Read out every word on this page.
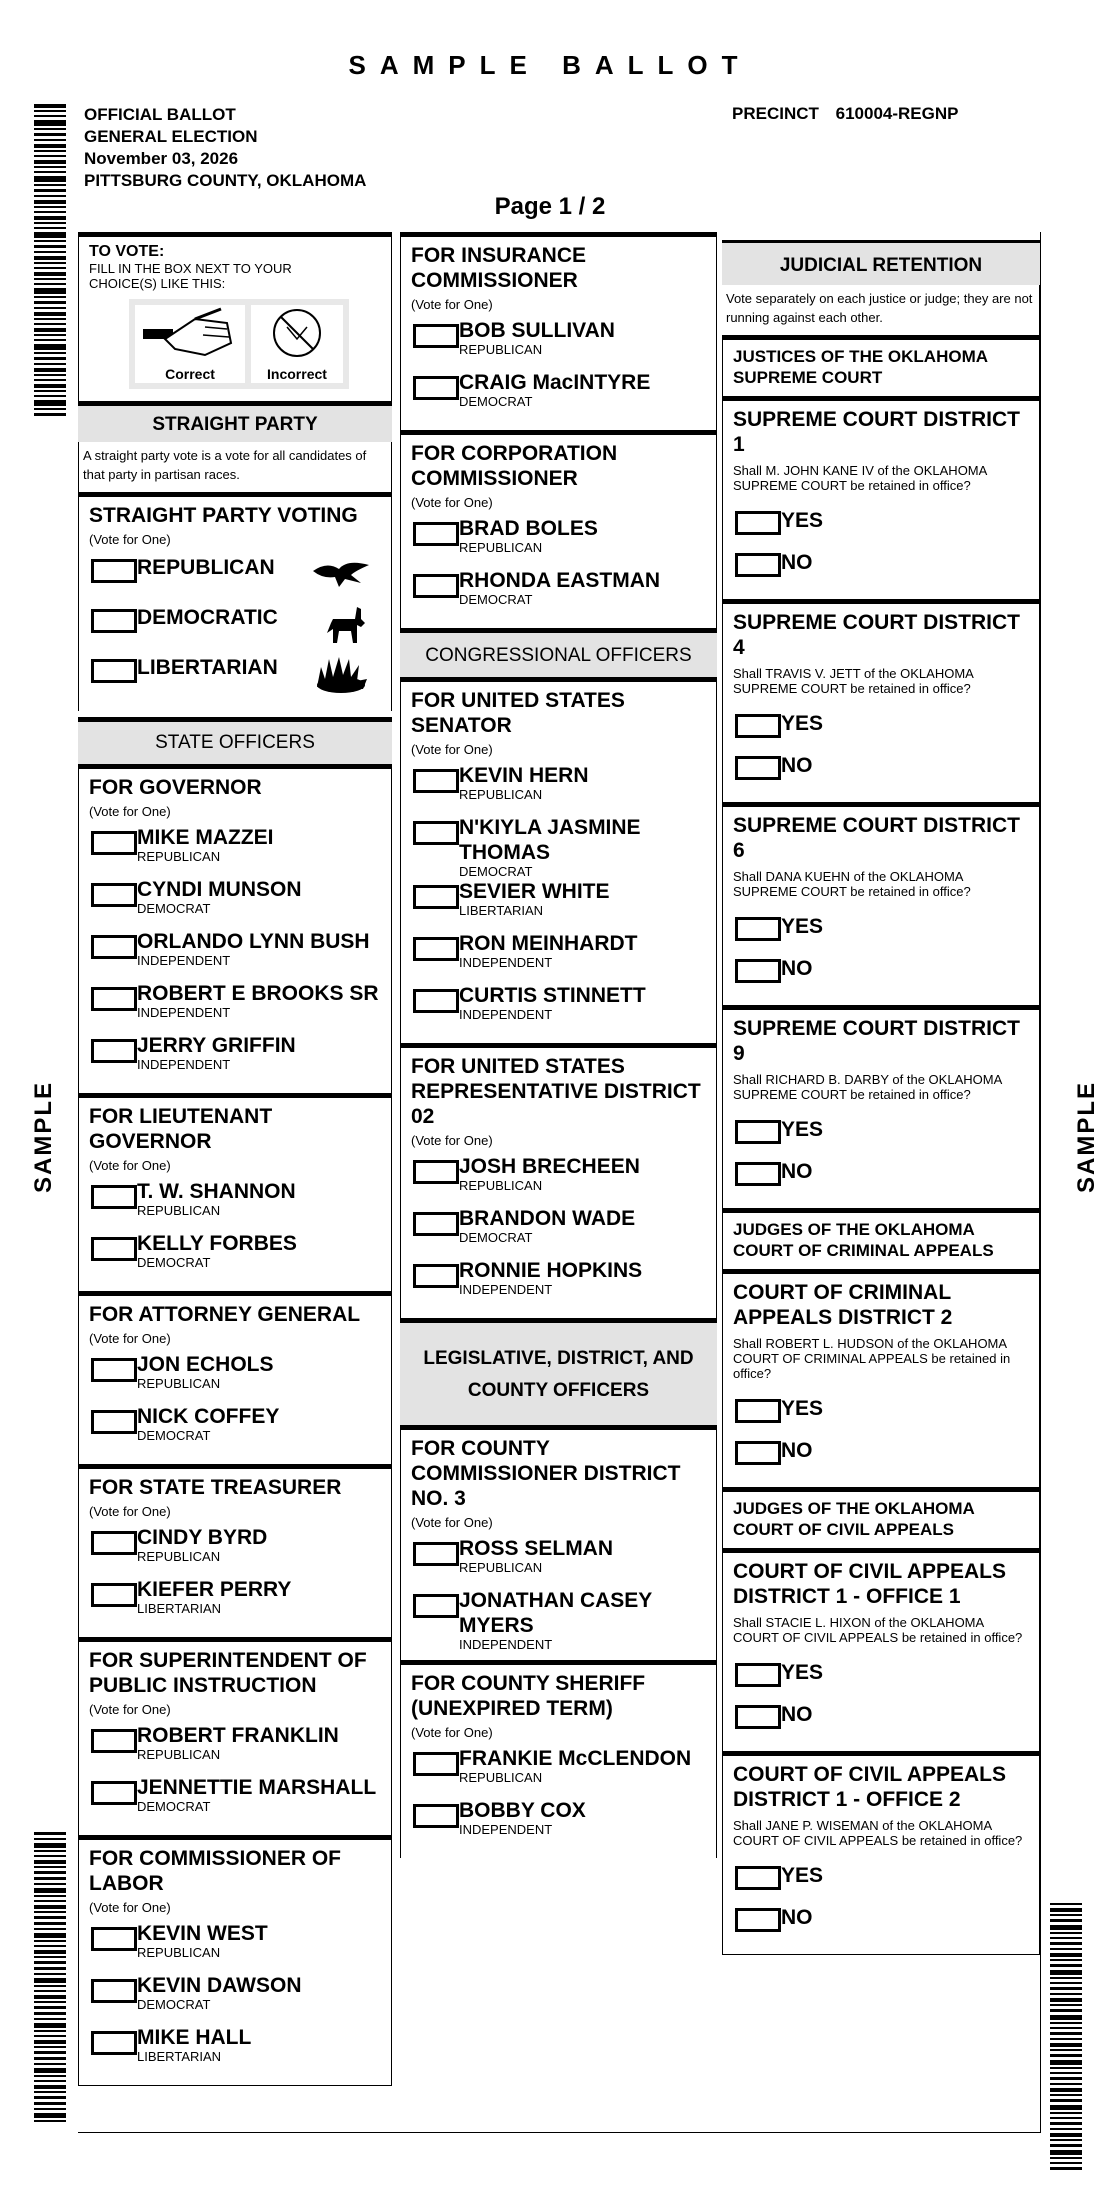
SAMPLE BALLOT
OFFICIAL BALLOT
GENERAL ELECTION
November 03, 2026
PITTSBURG COUNTY, OKLAHOMA
PRECINCT 610004-REGNP
Page 1 / 2
SAMPLE	SAMPLE
TO VOTE:
FILL IN THE BOX NEXT TO YOUR CHOICE(S) LIKE THIS:
Correct	Incorrect
STRAIGHT PARTY
A straight party vote is a vote for all candidates of that party in partisan races.
STRAIGHT PARTY VOTING
(Vote for One)
REPUBLICAN
DEMOCRATIC
LIBERTARIAN
STATE OFFICERS
FOR GOVERNOR
(Vote for One)
MIKE MAZZEI
REPUBLICAN
CYNDI MUNSON
DEMOCRAT
ORLANDO LYNN BUSH
INDEPENDENT
ROBERT E BROOKS SR
INDEPENDENT
JERRY GRIFFIN
INDEPENDENT
FOR LIEUTENANT GOVERNOR
(Vote for One)
T. W. SHANNON
REPUBLICAN
KELLY FORBES
DEMOCRAT
FOR ATTORNEY GENERAL
(Vote for One)
JON ECHOLS
REPUBLICAN
NICK COFFEY
DEMOCRAT
FOR STATE TREASURER
(Vote for One)
CINDY BYRD
REPUBLICAN
KIEFER PERRY
LIBERTARIAN
FOR SUPERINTENDENT OF PUBLIC INSTRUCTION
(Vote for One)
ROBERT FRANKLIN
REPUBLICAN
JENNETTIE MARSHALL
DEMOCRAT
FOR COMMISSIONER OF LABOR
(Vote for One)
KEVIN WEST
REPUBLICAN
KEVIN DAWSON
DEMOCRAT
MIKE HALL
LIBERTARIAN
FOR INSURANCE COMMISSIONER
(Vote for One)
BOB SULLIVAN
REPUBLICAN
CRAIG MacINTYRE
DEMOCRAT
FOR CORPORATION COMMISSIONER
(Vote for One)
BRAD BOLES
REPUBLICAN
RHONDA EASTMAN
DEMOCRAT
CONGRESSIONAL OFFICERS
FOR UNITED STATES SENATOR
(Vote for One)
KEVIN HERN
REPUBLICAN
N'KIYLA JASMINE THOMAS
DEMOCRAT
SEVIER WHITE
LIBERTARIAN
RON MEINHARDT
INDEPENDENT
CURTIS STINNETT
INDEPENDENT
FOR UNITED STATES REPRESENTATIVE DISTRICT 02
(Vote for One)
JOSH BRECHEEN
REPUBLICAN
BRANDON WADE
DEMOCRAT
RONNIE HOPKINS
INDEPENDENT
LEGISLATIVE, DISTRICT, AND
COUNTY OFFICERS
FOR COUNTY COMMISSIONER DISTRICT NO. 3
(Vote for One)
ROSS SELMAN
REPUBLICAN
JONATHAN CASEY MYERS
INDEPENDENT
FOR COUNTY SHERIFF (UNEXPIRED TERM)
(Vote for One)
FRANKIE McCLENDON
REPUBLICAN
BOBBY COX
INDEPENDENT
JUDICIAL RETENTION
Vote separately on each justice or judge; they are not running against each other.
JUSTICES OF THE OKLAHOMA SUPREME COURT
SUPREME COURT DISTRICT 1
Shall M. JOHN KANE IV of the OKLAHOMA SUPREME COURT be retained in office?
YES
NO
SUPREME COURT DISTRICT 4
Shall TRAVIS V. JETT of the OKLAHOMA SUPREME COURT be retained in office?
YES
NO
SUPREME COURT DISTRICT 6
Shall DANA KUEHN of the OKLAHOMA SUPREME COURT be retained in office?
YES
NO
SUPREME COURT DISTRICT 9
Shall RICHARD B. DARBY of the OKLAHOMA SUPREME COURT be retained in office?
YES
NO
JUDGES OF THE OKLAHOMA COURT OF CRIMINAL APPEALS
COURT OF CRIMINAL APPEALS DISTRICT 2
Shall ROBERT L. HUDSON of the OKLAHOMA COURT OF CRIMINAL APPEALS be retained in office?
YES
NO
JUDGES OF THE OKLAHOMA COURT OF CIVIL APPEALS
COURT OF CIVIL APPEALS DISTRICT 1 - OFFICE 1
Shall STACIE L. HIXON of the OKLAHOMA COURT OF CIVIL APPEALS be retained in office?
YES
NO
COURT OF CIVIL APPEALS DISTRICT 1 - OFFICE 2
Shall JANE P. WISEMAN of the OKLAHOMA COURT OF CIVIL APPEALS be retained in office?
YES
NO
